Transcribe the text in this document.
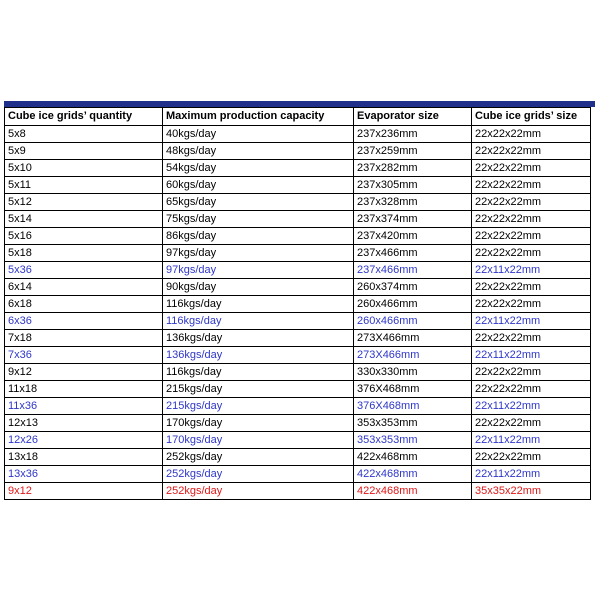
Cube ice grids’ quantity	Maximum production capacity	Evaporator size	Cube ice grids’ size
5x8	40kgs/day	237x236mm	22x22x22mm
5x9	48kgs/day	237x259mm	22x22x22mm
5x10	54kgs/day	237x282mm	22x22x22mm
5x11	60kgs/day	237x305mm	22x22x22mm
5x12	65kgs/day	237x328mm	22x22x22mm
5x14	75kgs/day	237x374mm	22x22x22mm
5x16	86kgs/day	237x420mm	22x22x22mm
5x18	97kgs/day	237x466mm	22x22x22mm
5x36	97kgs/day	237x466mm	22x11x22mm
6x14	90kgs/day	260x374mm	22x22x22mm
6x18	116kgs/day	260x466mm	22x22x22mm
6x36	116kgs/day	260x466mm	22x11x22mm
7x18	136kgs/day	273X466mm	22x22x22mm
7x36	136kgs/day	273X466mm	22x11x22mm
9x12	116kgs/day	330x330mm	22x22x22mm
11x18	215kgs/day	376X468mm	22x22x22mm
11x36	215kgs/day	376X468mm	22x11x22mm
12x13	170kgs/day	353x353mm	22x22x22mm
12x26	170kgs/day	353x353mm	22x11x22mm
13x18	252kgs/day	422x468mm	22x22x22mm
13x36	252kgs/day	422x468mm	22x11x22mm
9x12	252kgs/day	422x468mm	35x35x22mm
